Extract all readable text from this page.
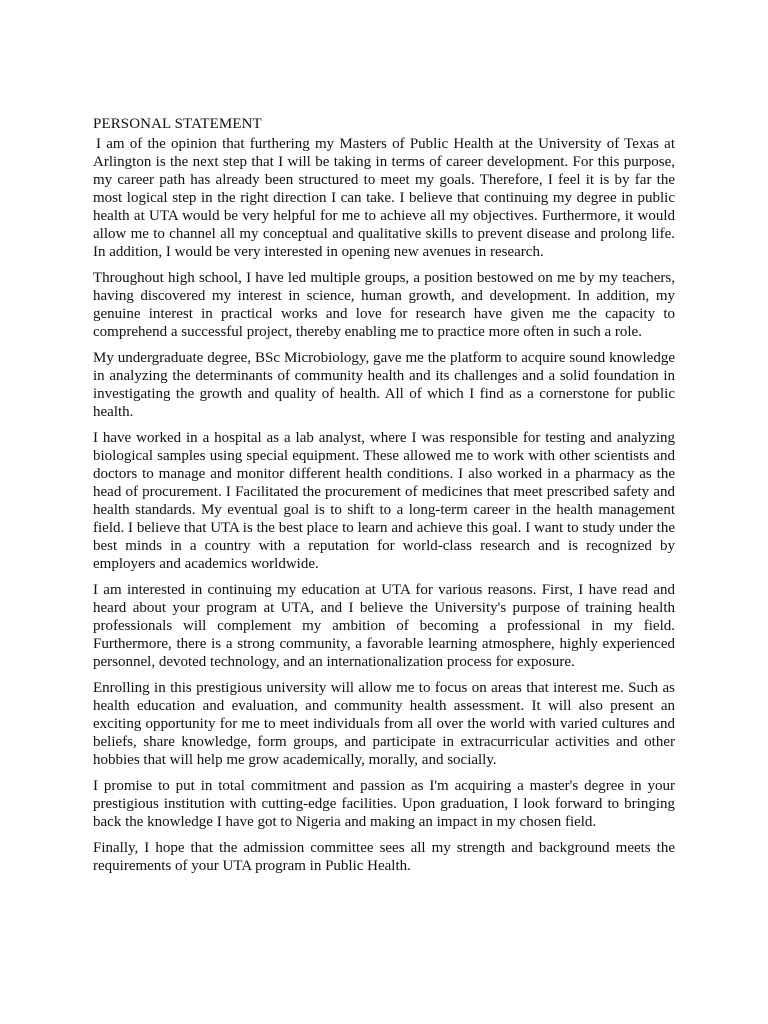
PERSONAL STATEMENT

I am of the opinion that furthering my Masters of Public Health at the University of Texas at Arlington is the next step that I will be taking in terms of career development. For this purpose, my career path has already been structured to meet my goals. Therefore, I feel it is by far the most logical step in the right direction I can take. I believe that continuing my degree in public health at UTA would be very helpful for me to achieve all my objectives. Furthermore, it would allow me to channel all my conceptual and qualitative skills to prevent disease and prolong life. In addition, I would be very interested in opening new avenues in research.

Throughout high school, I have led multiple groups, a position bestowed on me by my teachers, having discovered my interest in science, human growth, and development. In addition, my genuine interest in practical works and love for research have given me the capacity to comprehend a successful project, thereby enabling me to practice more often in such a role.

My undergraduate degree, BSc Microbiology, gave me the platform to acquire sound knowledge in analyzing the determinants of community health and its challenges and a solid foundation in investigating the growth and quality of health. All of which I find as a cornerstone for public health.

I have worked in a hospital as a lab analyst, where I was responsible for testing and analyzing biological samples using special equipment. These allowed me to work with other scientists and doctors to manage and monitor different health conditions. I also worked in a pharmacy as the head of procurement. I Facilitated the procurement of medicines that meet prescribed safety and health standards. My eventual goal is to shift to a long-term career in the health management field. I believe that UTA is the best place to learn and achieve this goal. I want to study under the best minds in a country with a reputation for world-class research and is recognized by employers and academics worldwide.

I am interested in continuing my education at UTA for various reasons. First, I have read and heard about your program at UTA, and I believe the University's purpose of training health professionals will complement my ambition of becoming a professional in my field. Furthermore, there is a strong community, a favorable learning atmosphere, highly experienced personnel, devoted technology, and an internationalization process for exposure.

Enrolling in this prestigious university will allow me to focus on areas that interest me. Such as health education and evaluation, and community health assessment. It will also present an exciting opportunity for me to meet individuals from all over the world with varied cultures and beliefs, share knowledge, form groups, and participate in extracurricular activities and other hobbies that will help me grow academically, morally, and socially.

I promise to put in total commitment and passion as I'm acquiring a master's degree in your prestigious institution with cutting-edge facilities. Upon graduation, I look forward to bringing back the knowledge I have got to Nigeria and making an impact in my chosen field.

Finally, I hope that the admission committee sees all my strength and background meets the requirements of your UTA program in Public Health.
